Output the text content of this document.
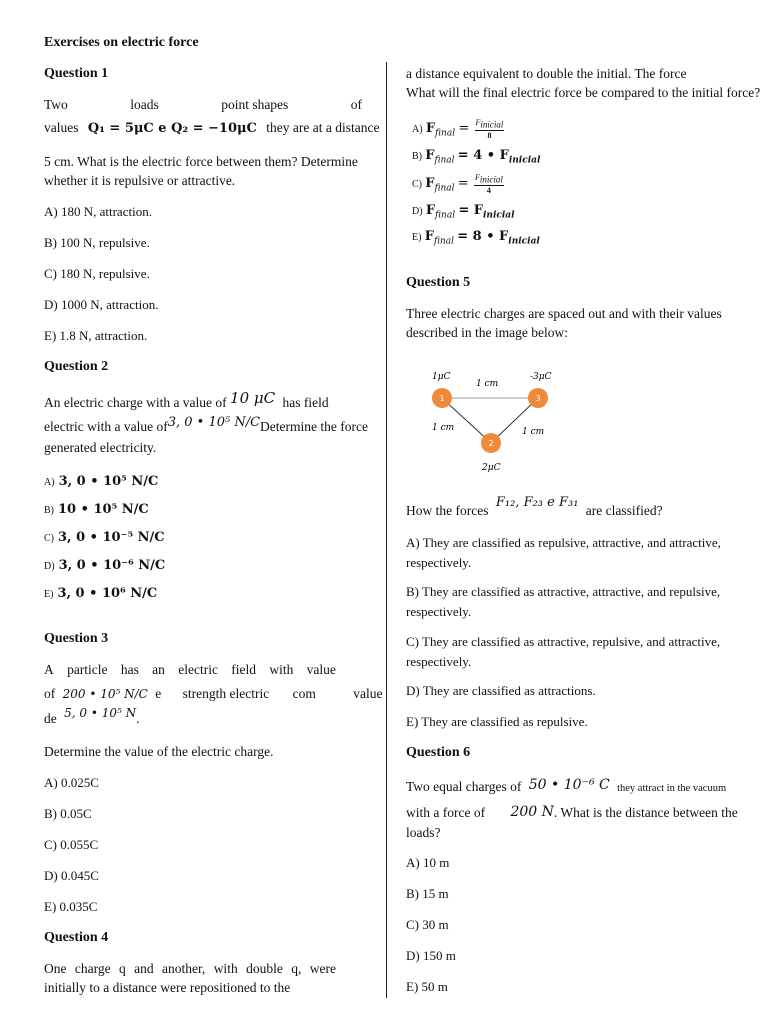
Exercises on electric force
Question 1
Two	loads	point shapes	of
values Q₁ = 5μC e Q₂ = −10μC they are at a distance
5 cm. What is the electric force between them? Determine
whether it is repulsive or attractive.
A) 180 N, attraction.
B) 100 N, repulsive.
C) 180 N, repulsive.
D) 1000 N, attraction.
E) 1.8 N, attraction.
Question 2
An electric charge with a value of 10 μC has field
electric with a value of3, 0 • 10⁵ N/CDetermine the force
generated electricity.
A) 3, 0 • 10⁵ N/C
B) 10 • 10⁵ N/C
C) 3, 0 • 10⁻⁵ N/C
D) 3, 0 • 10⁻⁶ N/C
E) 3, 0 • 10⁶ N/C
Question 3
A particle has an electric field with value
of 200 • 10⁵ N/C e strength electric com	value
de 5, 0 • 10⁵ N.
Determine the value of the electric charge.
A) 0.025C
B) 0.05C
C) 0.055C
D) 0.045C
E) 0.035C
Question 4
One charge q and another, with double q, were
initially to a distance were repositioned to the
a distance equivalent to double the initial. The force
What will the final electric force be compared to the initial force?
A) $F_{final} = \frac{F_{inicial}}{8}$
B) $F_{final} = 4$ • $F_{inicial}$
C) $F_{final} = \frac{F_{inicial}}{4}$
D) $F_{final} = F_{inicial}$
E) $F_{final} = 8$ • $F_{inicial}$
Question 5
Three electric charges are spaced out and with their values
described in the image below:
1	3
2
1μC	-3μC
2μC
1 cm
1 cm	1 cm
How the forces F₁₂, F₂₃ e F₃₁ are classified?
A) They are classified as repulsive, attractive, and attractive,
respectively.
B) They are classified as attractive, attractive, and repulsive,
respectively.
C) They are classified as attractive, repulsive, and attractive,
respectively.
D) They are classified as attractions.
E) They are classified as repulsive.
Question 6
Two equal charges of 50 • 10⁻⁶ C they attract in the vacuum
with a force of 200 N. What is the distance between the
loads?
A) 10 m
B) 15 m
C) 30 m
D) 150 m
E) 50 m
